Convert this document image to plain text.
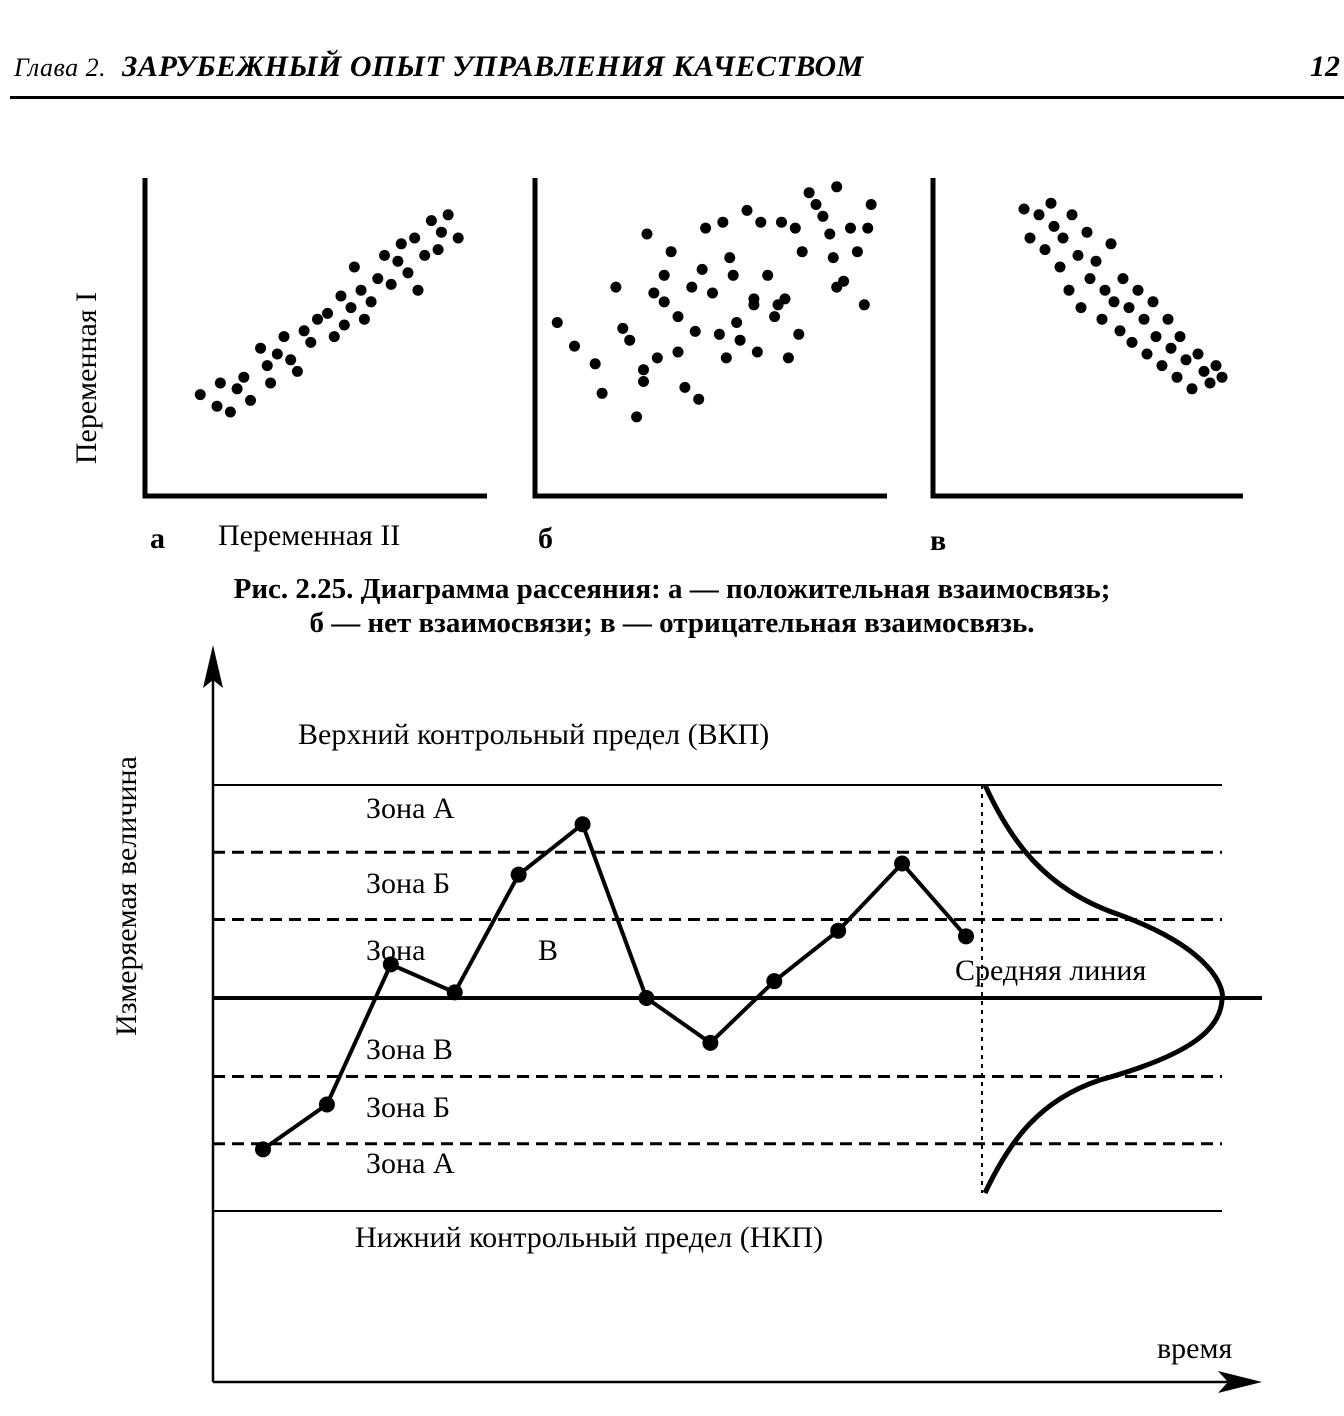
Глава 2. ЗАРУБЕЖНЫЙ ОПЫТ УПРАВЛЕНИЯ КАЧЕСТВОМ	12
Переменная I
Переменная II
а	б	в
Измеряемая величина
время
Верхний контрольный предел (ВКП)
Нижний контрольный предел (НКП)
Средняя линия
Зона А
Зона Б
Зона	В
Зона В
Зона Б
Зона А
Рис. 2.25. Диаграмма рассеяния: а — положительная взаимосвязь;
б — нет взаимосвязи; в — отрицательная взаимосвязь.
